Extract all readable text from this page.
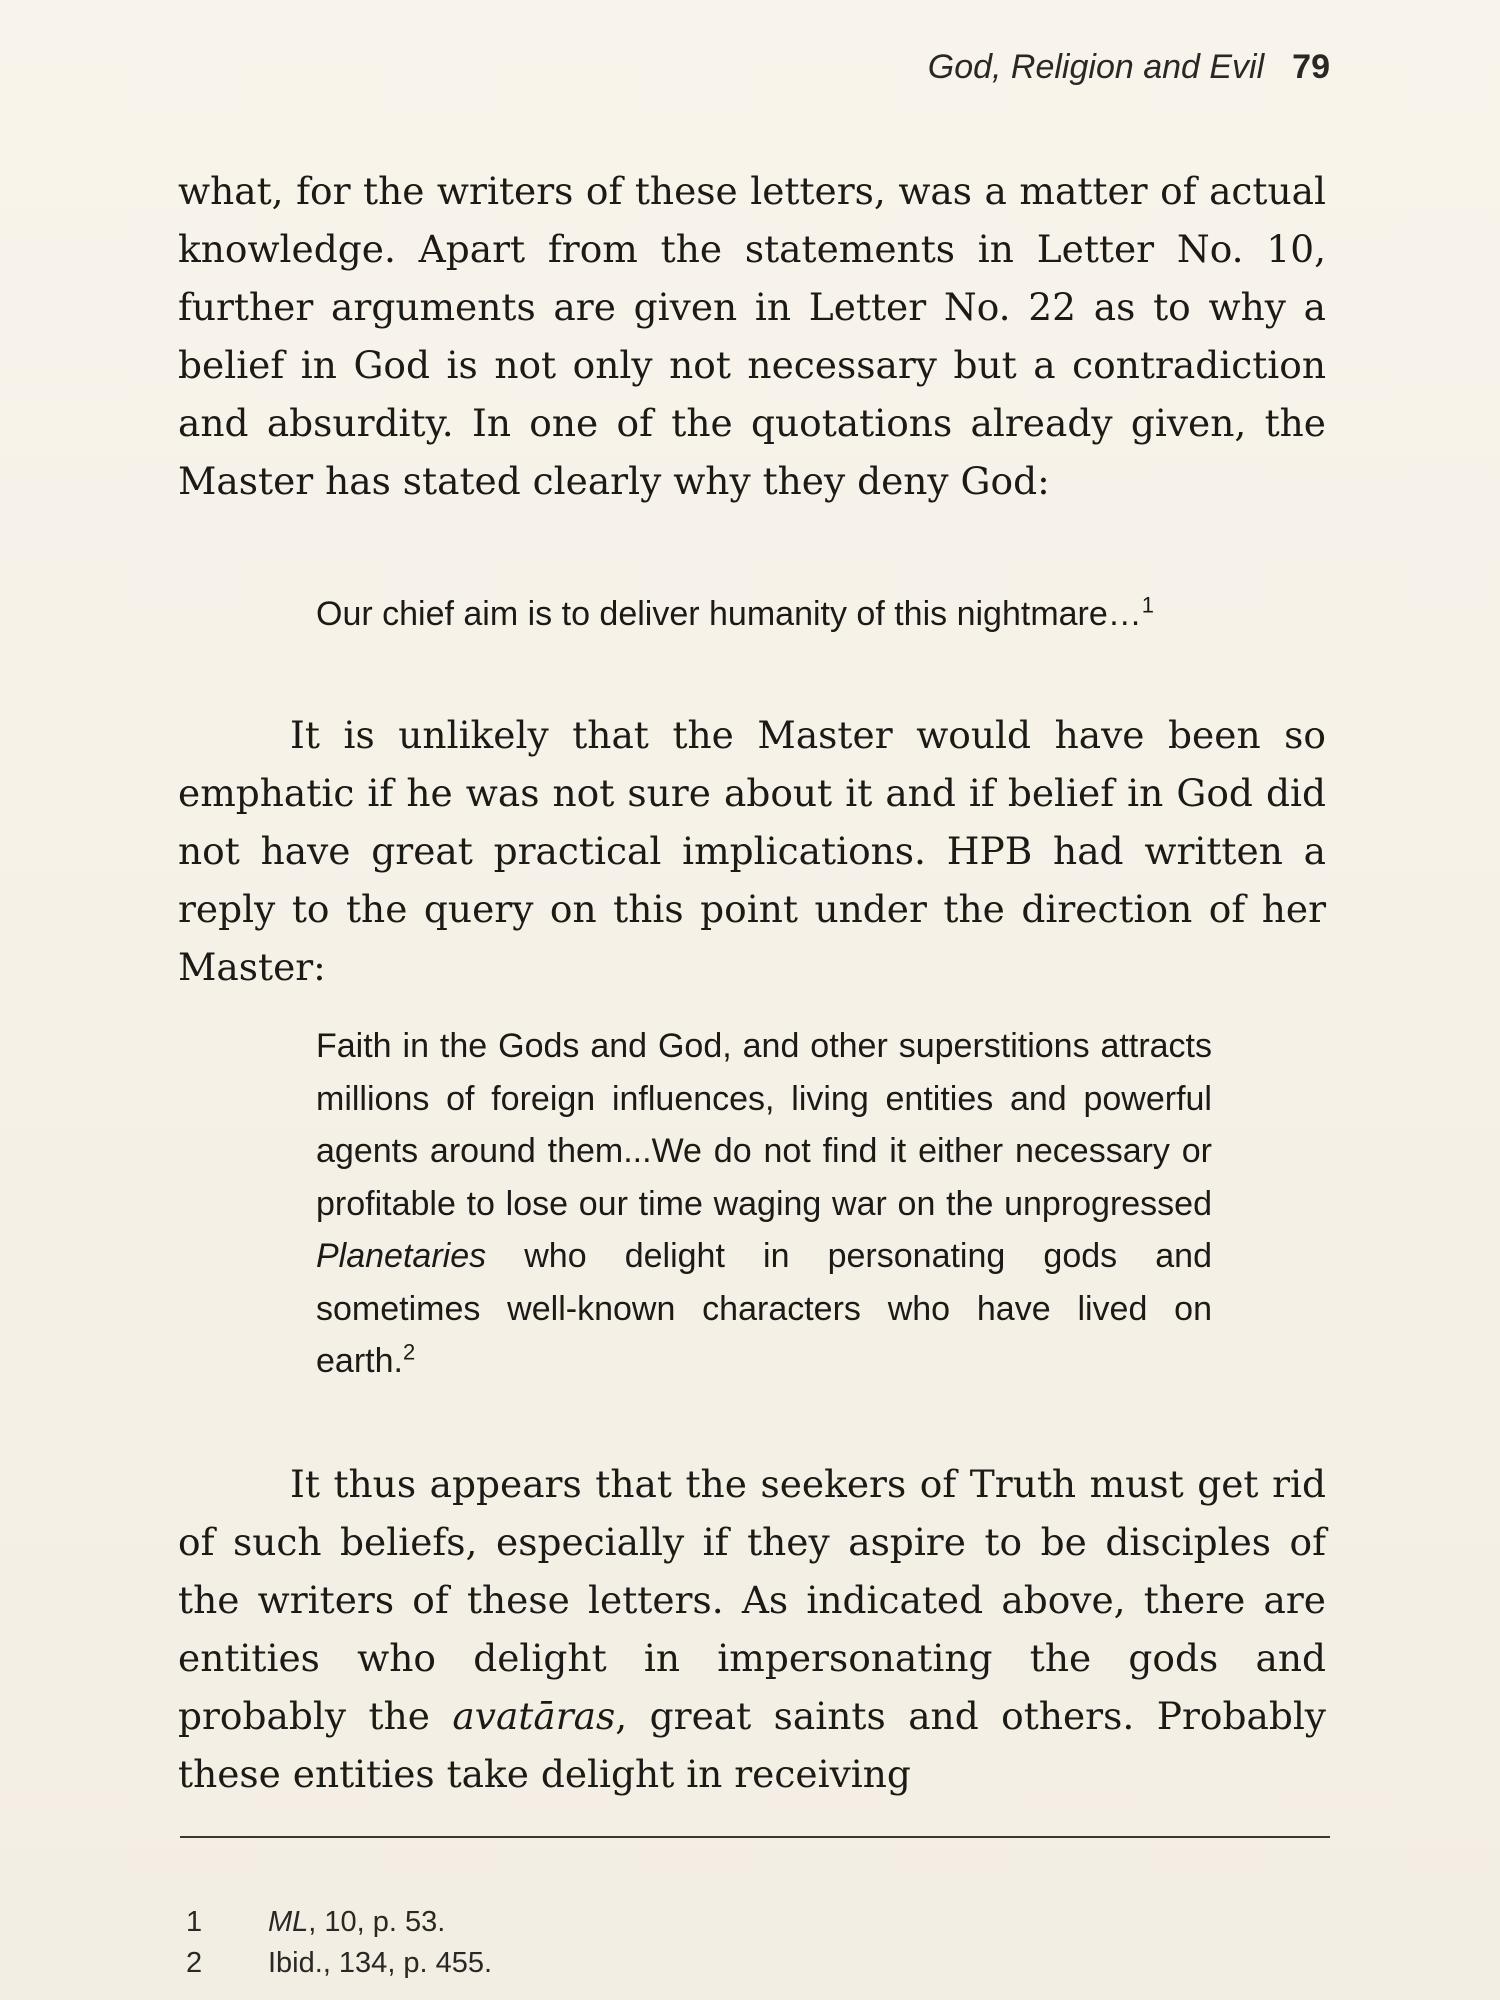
God, Religion and Evil 79

what, for the writers of these letters, was a matter of actual knowledge. Apart from the statements in Letter No. 10, further arguments are given in Letter No. 22 as to why a belief in God is not only not necessary but a contradiction and absurdity. In one of the quotations already given, the Master has stated clearly why they deny God:

Our chief aim is to deliver humanity of this nightmare…$^1$

It is unlikely that the Master would have been so emphatic if he was not sure about it and if belief in God did not have great practical implications. HPB had written a reply to the query on this point under the direction of her Master:

Faith in the Gods and God, and other superstitions attracts millions of foreign influences, living entities and powerful agents around them...We do not find it either necessary or profitable to lose our time waging war on the unprogressed Planetaries who delight in personating gods and sometimes well-known characters who have lived on earth.$^2$

It thus appears that the seekers of Truth must get rid of such beliefs, especially if they aspire to be disciples of the writers of these letters. As indicated above, there are entities who delight in impersonating the gods and probably the avatāras, great saints and others. Probably these entities take delight in receiving

1 ML, 10, p. 53.
2 Ibid., 134, p. 455.
